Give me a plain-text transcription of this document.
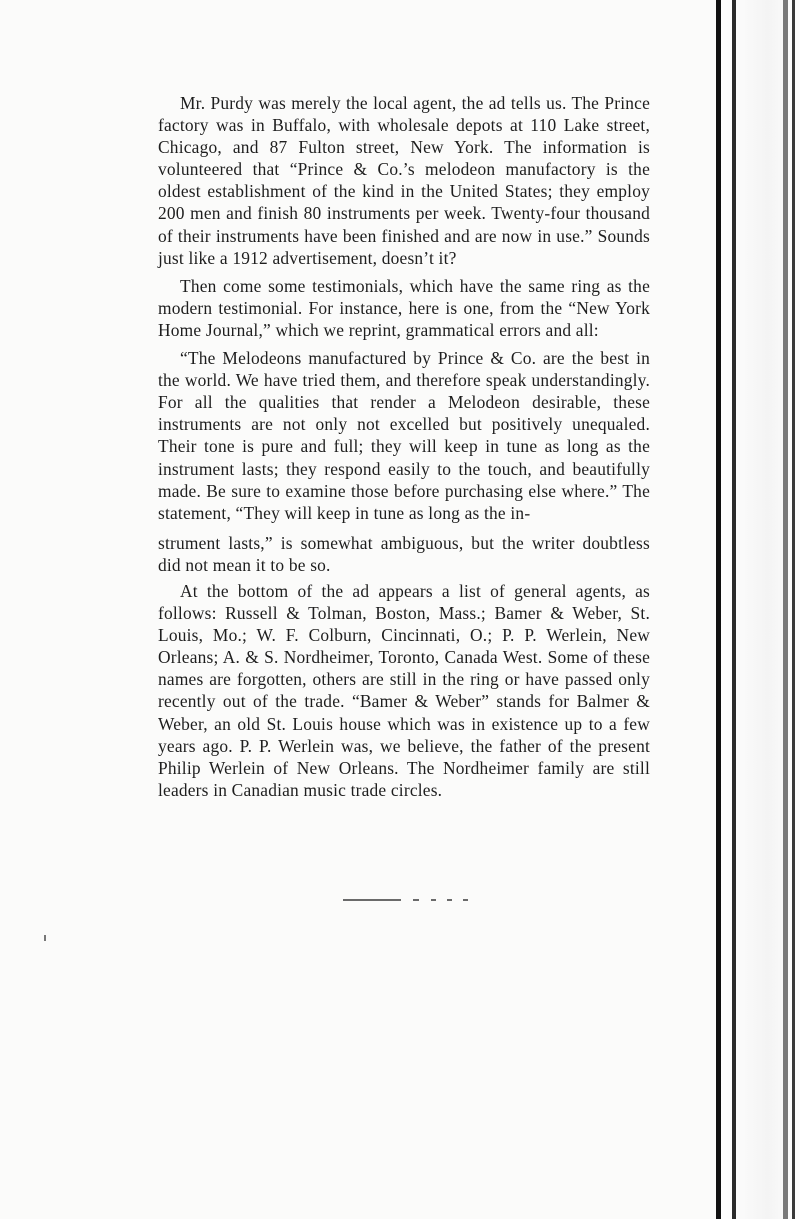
Mr. Purdy was merely the local agent, the ad tells us. The Prince factory was in Buffalo, with wholesale depots at 110 Lake street, Chicago, and 87 Fulton street, New York. The information is volunteered that “Prince & Co.’s melodeon manufactory is the oldest establishment of the kind in the United States; they employ 200 men and finish 80 instruments per week. Twenty-four thousand of their instruments have been finished and are now in use.” Sounds just like a 1912 advertisement, doesn’t it?

Then come some testimonials, which have the same ring as the modern testimonial. For instance, here is one, from the “New York Home Journal,” which we reprint, grammatical errors and all:

“The Melodeons manufactured by Prince & Co. are the best in the world. We have tried them, and therefore speak understandingly. For all the qualities that render a Melodeon desirable, these instruments are not only not excelled but positively unequaled. Their tone is pure and full; they will keep in tune as long as the instrument lasts; they respond easily to the touch, and beautifully made. Be sure to examine those before purchasing else where.” The statement, “They will keep in tune as long as the in-

strument lasts,” is somewhat ambiguous, but the writer doubtless did not mean it to be so.

At the bottom of the ad appears a list of general agents, as follows: Russell & Tolman, Boston, Mass.; Bamer & Weber, St. Louis, Mo.; W. F. Colburn, Cincinnati, O.; P. P. Werlein, New Orleans; A. & S. Nordheimer, Toronto, Canada West. Some of these names are forgotten, others are still in the ring or have passed only recently out of the trade. “Bamer & Weber” stands for Balmer & Weber, an old St. Louis house which was in existence up to a few years ago. P. P. Werlein was, we believe, the father of the present Philip Werlein of New Orleans. The Nordheimer family are still leaders in Canadian music trade circles.
